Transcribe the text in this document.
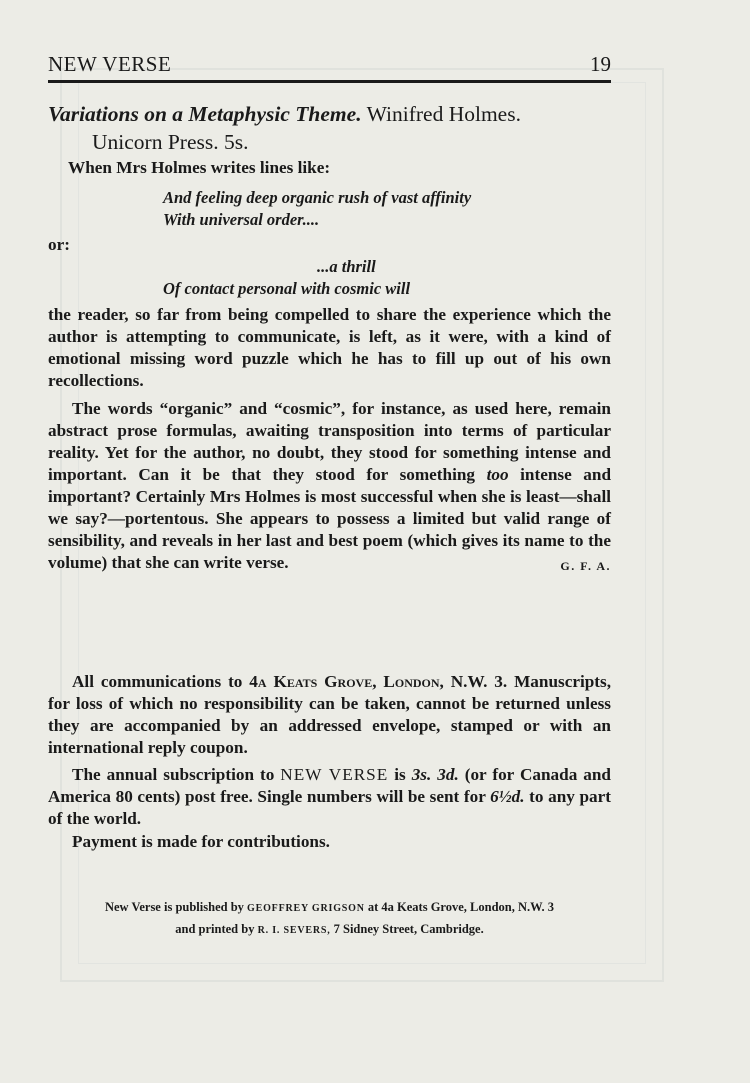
NEW VERSE	19

Variations on a Metaphysic Theme. Winifred Holmes.

Unicorn Press. 5s.

When Mrs Holmes writes lines like:

And feeling deep organic rush of vast affinity

With universal order....

or:

...a thrill

Of contact personal with cosmic will

the reader, so far from being compelled to share the experience which the author is attempting to communicate, is left, as it were, with a kind of emotional missing word puzzle which he has to fill up out of his own recollections.

The words “organic” and “cosmic”, for instance, as used here, remain abstract prose formulas, awaiting transposition into terms of particular reality. Yet for the author, no doubt, they stood for something intense and important. Can it be that they stood for something too intense and important? Certainly Mrs Holmes is most successful when she is least—shall we say?—portentous. She appears to possess a limited but valid range of sensibility, and reveals in her last and best poem (which gives its name to the volume) that she can write verse.	G. F. A.

All communications to 4a Keats Grove, London, N.W. 3. Manuscripts, for loss of which no responsibility can be taken, cannot be returned unless they are accompanied by an addressed envelope, stamped or with an international reply coupon.

The annual subscription to NEW VERSE is 3s. 3d. (or for Canada and America 80 cents) post free. Single numbers will be sent for 6½d. to any part of the world.

Payment is made for contributions.

New Verse is published by GEOFFREY GRIGSON at 4a Keats Grove, London, N.W. 3
and printed by R. I. SEVERS, 7 Sidney Street, Cambridge.
